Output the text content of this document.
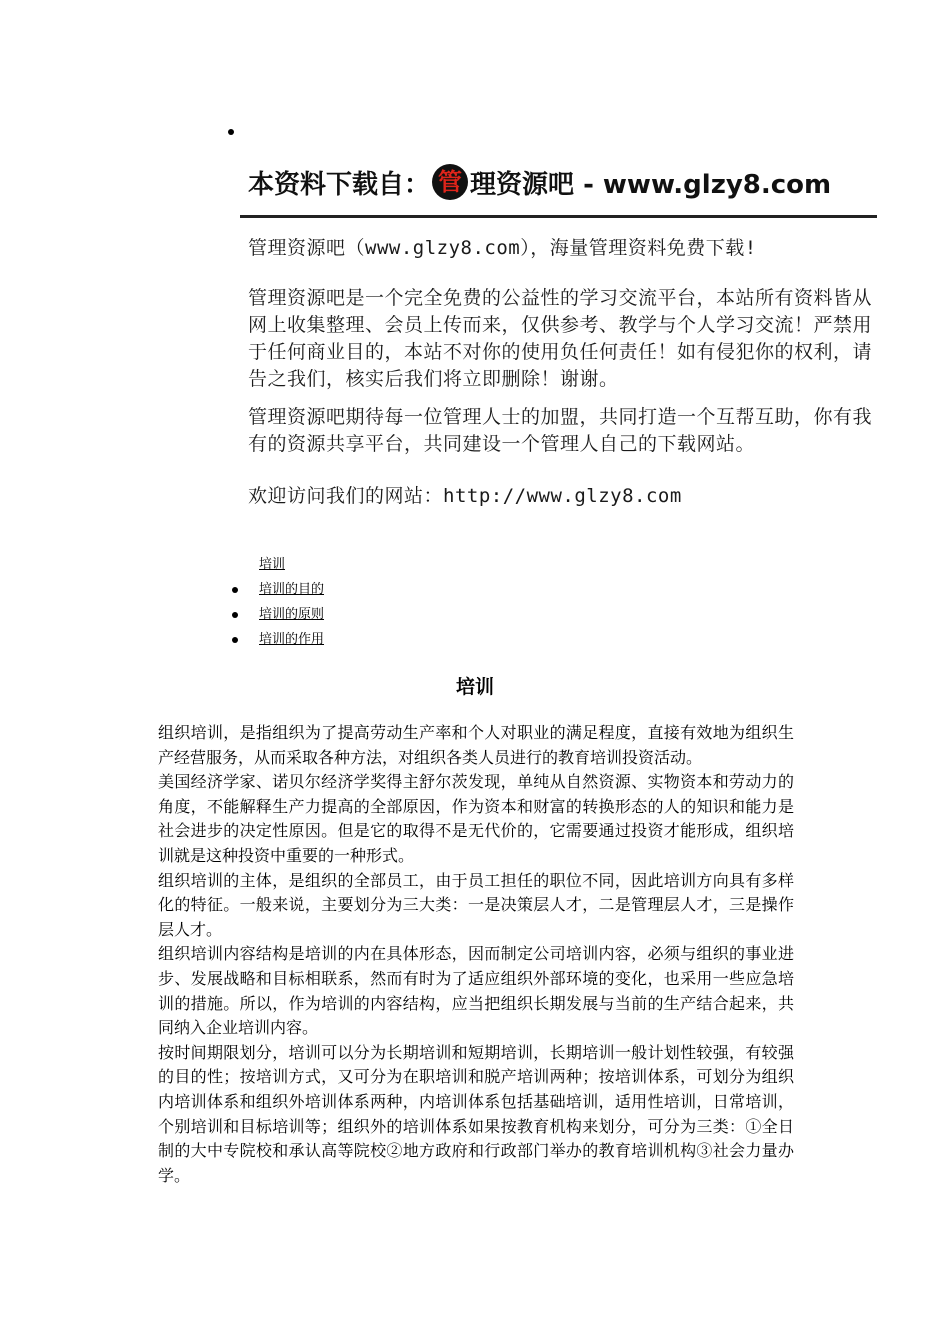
本资料下载自： 管 理资源吧 - www.glzy8.com
管理资源吧（www.glzy8.com），海量管理资料免费下载!

管理资源吧是一个完全免费的公益性的学习交流平台，本站所有资料皆从网上收集整理、会员上传而来，仅供参考、教学与个人学习交流！严禁用于任何商业目的，本站不对你的使用负任何责任！如有侵犯你的权利，请告之我们，核实后我们将立即删除！谢谢。

管理资源吧期待每一位管理人士的加盟，共同打造一个互帮互助，你有我有的资源共享平台，共同建设一个管理人自己的下载网站。

欢迎访问我们的网站：http://www.glzy8.com
培训
培训的目的
培训的原则
培训的作用
培训

组织培训，是指组织为了提高劳动生产率和个人对职业的满足程度，直接有效地为组织生产经营服务，从而采取各种方法，对组织各类人员进行的教育培训投资活动。

美国经济学家、诺贝尔经济学奖得主舒尔茨发现，单纯从自然资源、实物资本和劳动力的角度，不能解释生产力提高的全部原因，作为资本和财富的转换形态的人的知识和能力是社会进步的决定性原因。但是它的取得不是无代价的，它需要通过投资才能形成，组织培训就是这种投资中重要的一种形式。

组织培训的主体，是组织的全部员工，由于员工担任的职位不同，因此培训方向具有多样化的特征。一般来说，主要划分为三大类：一是决策层人才，二是管理层人才，三是操作层人才。

组织培训内容结构是培训的内在具体形态，因而制定公司培训内容，必须与组织的事业进步、发展战略和目标相联系，然而有时为了适应组织外部环境的变化，也采用一些应急培训的措施。所以，作为培训的内容结构，应当把组织长期发展与当前的生产结合起来，共同纳入企业培训内容。

按时间期限划分，培训可以分为长期培训和短期培训，长期培训一般计划性较强，有较强的目的性；按培训方式，又可分为在职培训和脱产培训两种；按培训体系，可划分为组织内培训体系和组织外培训体系两种，内培训体系包括基础培训，适用性培训，日常培训，个别培训和目标培训等；组织外的培训体系如果按教育机构来划分，可分为三类：①全日制的大中专院校和承认高等院校②地方政府和行政部门举办的教育培训机构③社会力量办学。
